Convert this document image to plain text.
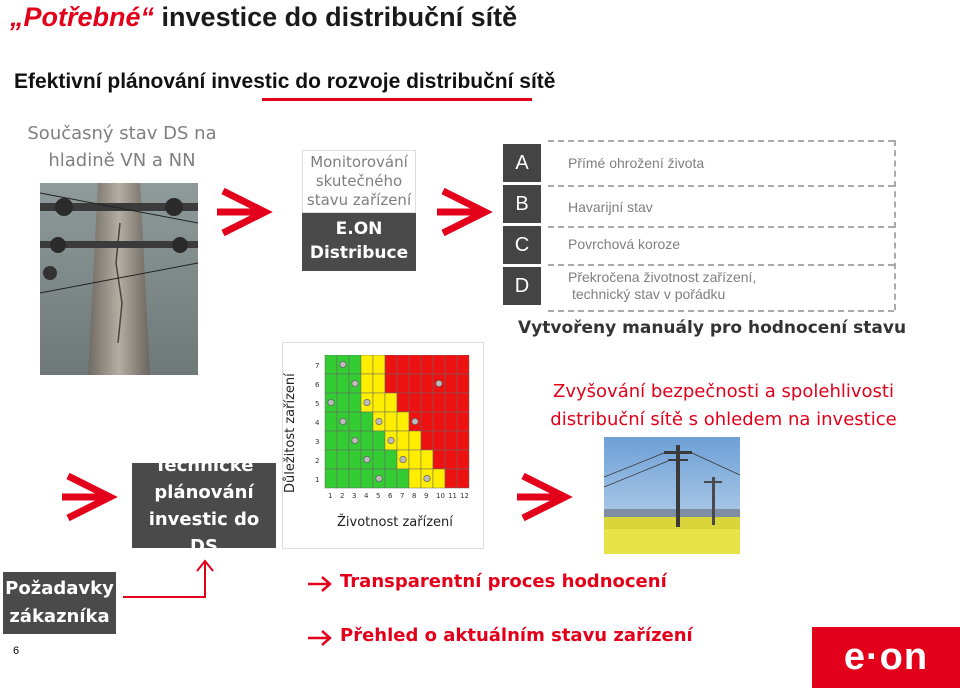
„Potřebné“ investice do distribuční sítě
Efektivní plánování investic do rozvoje distribuční sítě
Současný stav DS na
hladině VN a NN	Monitorování
skutečného
stavu zařízení
E.ON
Distribuce
A
B
C
D
Přímé ohrožení života
Havarijní stav
Povrchová koroze
Překročena životnost zařízení,
technický stav v pořádku
Vytvořeny manuály pro hodnocení stavu
Technické
plánování
investic do DS
Důležitost zařízení
7
6
5
4
3
2
1
1 2 3 4 5 6 7 8 9 10 11 12
Životnost zařízení
Zvyšování bezpečnosti a spolehlivosti
distribuční sítě s ohledem na investice
Požadavky
zákazníka
Transparentní proces hodnocení
Přehled o aktuálním stavu zařízení
6	e·on
